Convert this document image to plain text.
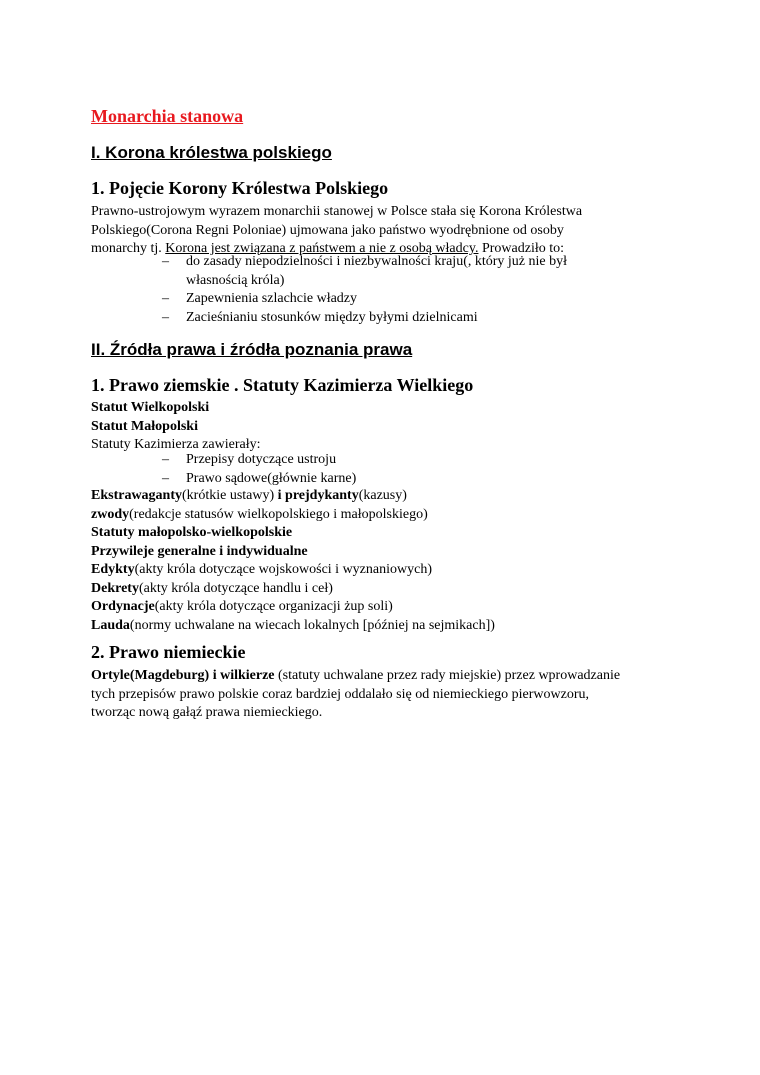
Monarchia stanowa
I. Korona królestwa polskiego
1. Pojęcie Korony Królestwa Polskiego
Prawno-ustrojowym wyrazem monarchii stanowej w Polsce stała się Korona Królestwa
Polskiego(Corona Regni Poloniae) ujmowana jako państwo wyodrębnione od osoby
monarchy tj. Korona jest związana z państwem a nie z osobą władcy. Prowadziło to:
– do zasady niepodzielności i niezbywalności kraju(, który już nie był
własnością króla)
– Zapewnienia szlachcie władzy
– Zacieśnianiu stosunków między byłymi dzielnicami
II. Źródła prawa i źródła poznania prawa
1. Prawo ziemskie . Statuty Kazimierza Wielkiego
Statut Wielkopolski
Statut Małopolski
Statuty Kazimierza zawierały:
– Przepisy dotyczące ustroju
– Prawo sądowe(głównie karne)
Ekstrawaganty(krótkie ustawy) i prejdykanty(kazusy)
zwody(redakcje statusów wielkopolskiego i małopolskiego)
Statuty małopolsko-wielkopolskie
Przywileje generalne i indywidualne
Edykty(akty króla dotyczące wojskowości i wyznaniowych)
Dekrety(akty króla dotyczące handlu i ceł)
Ordynacje(akty króla dotyczące organizacji żup soli)
Lauda(normy uchwalane na wiecach lokalnych [później na sejmikach])
2. Prawo niemieckie
Ortyle(Magdeburg) i wilkierze (statuty uchwalane przez rady miejskie) przez wprowadzanie
tych przepisów prawo polskie coraz bardziej oddalało się od niemieckiego pierwowzoru,
tworząc nową gałąź prawa niemieckiego.
